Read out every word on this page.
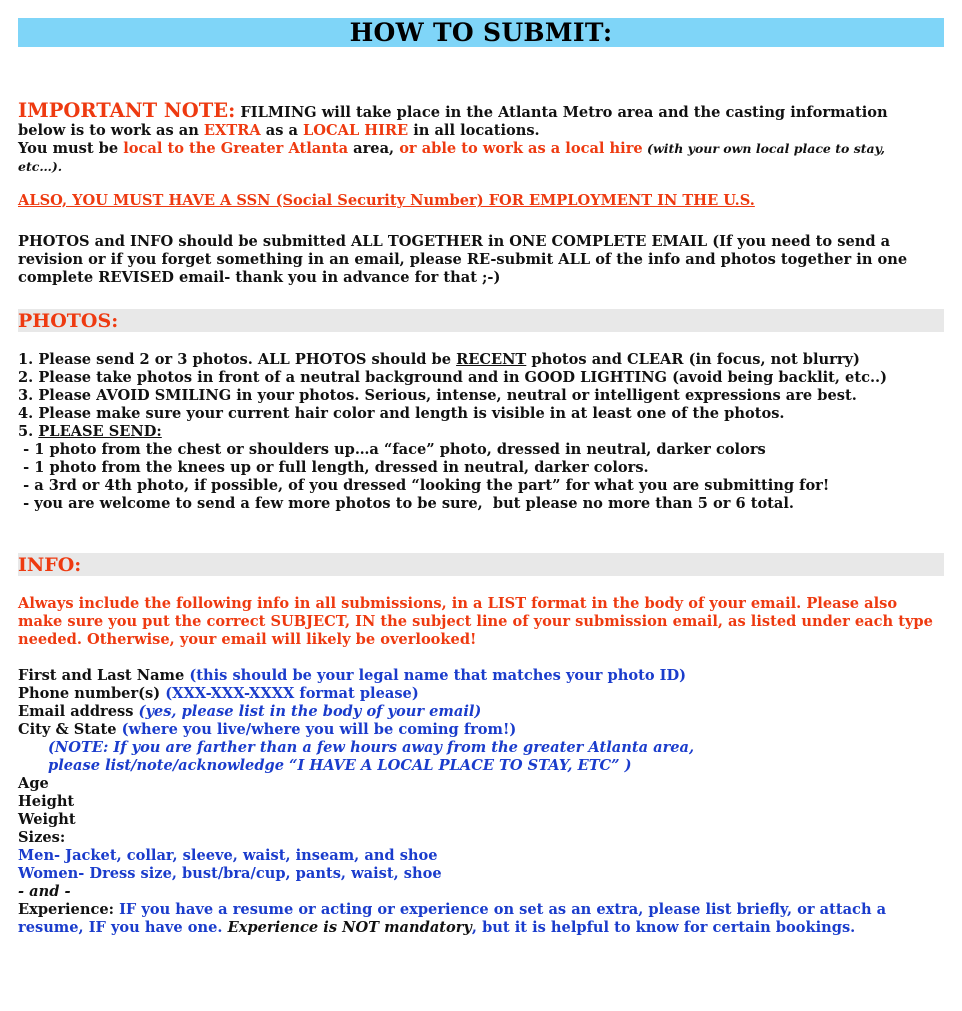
HOW TO SUBMIT:
IMPORTANT NOTE: FILMING will take place in the Atlanta Metro area and the casting information
below is to work as an EXTRA as a LOCAL HIRE in all locations.
You must be local to the Greater Atlanta area, or able to work as a local hire (with your own local place to stay,
etc…).
ALSO, YOU MUST HAVE A SSN (Social Security Number) FOR EMPLOYMENT IN THE U.S.
PHOTOS and INFO should be submitted ALL TOGETHER in ONE COMPLETE EMAIL (If you need to send a
revision or if you forget something in an email, please RE-submit ALL of the info and photos together in one
complete REVISED email- thank you in advance for that ;-)
PHOTOS:
1. Please send 2 or 3 photos. ALL PHOTOS should be RECENT photos and CLEAR (in focus, not blurry)
2. Please take photos in front of a neutral background and in GOOD LIGHTING (avoid being backlit, etc..)
3. Please AVOID SMILING in your photos. Serious, intense, neutral or intelligent expressions are best.
4. Please make sure your current hair color and length is visible in at least one of the photos.
5. PLEASE SEND:
- 1 photo from the chest or shoulders up…a “face” photo, dressed in neutral, darker colors
- 1 photo from the knees up or full length, dressed in neutral, darker colors.
- a 3rd or 4th photo, if possible, of you dressed “looking the part” for what you are submitting for!
- you are welcome to send a few more photos to be sure,  but please no more than 5 or 6 total.
INFO:
Always include the following info in all submissions, in a LIST format in the body of your email. Please also
make sure you put the correct SUBJECT, IN the subject line of your submission email, as listed under each type
needed. Otherwise, your email will likely be overlooked!
First and Last Name (this should be your legal name that matches your photo ID)
Phone number(s) (XXX-XXX-XXXX format please)
Email address (yes, please list in the body of your email)
City & State (where you live/where you will be coming from!)
(NOTE: If you are farther than a few hours away from the greater Atlanta area,
please list/note/acknowledge “I HAVE A LOCAL PLACE TO STAY, ETC” )
Age
Height
Weight
Sizes:
Men- Jacket, collar, sleeve, waist, inseam, and shoe
Women- Dress size, bust/bra/cup, pants, waist, shoe
- and -
Experience: IF you have a resume or acting or experience on set as an extra, please list briefly, or attach a
resume, IF you have one. Experience is NOT mandatory, but it is helpful to know for certain bookings.
